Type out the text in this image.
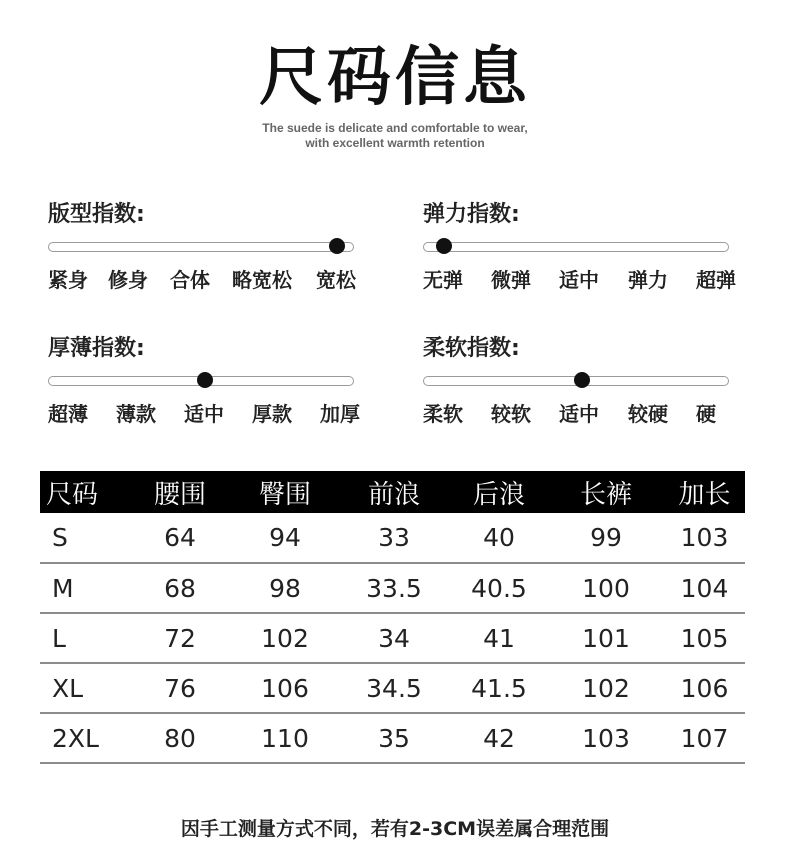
尺码信息
The suede is delicate and comfortable to wear,
with excellent warmth retention
版型指数:
紧身 修身 合体 略宽松 宽松
弹力指数:
无弹 微弹 适中 弹力 超弹
厚薄指数:
超薄 薄款 适中 厚款 加厚
柔软指数:
柔软 较软 适中 较硬 硬
尺码	腰围	臀围	前浪	后浪	长裤	加长
S	64	94	33	40	99	103
M	68	98	33.5	40.5	100	104
L	72	102	34	41	101	105
XL	76	106	34.5	41.5	102	106
2XL	80	110	35	42	103	107
因手工测量方式不同，若有2-3CM误差属合理范围
